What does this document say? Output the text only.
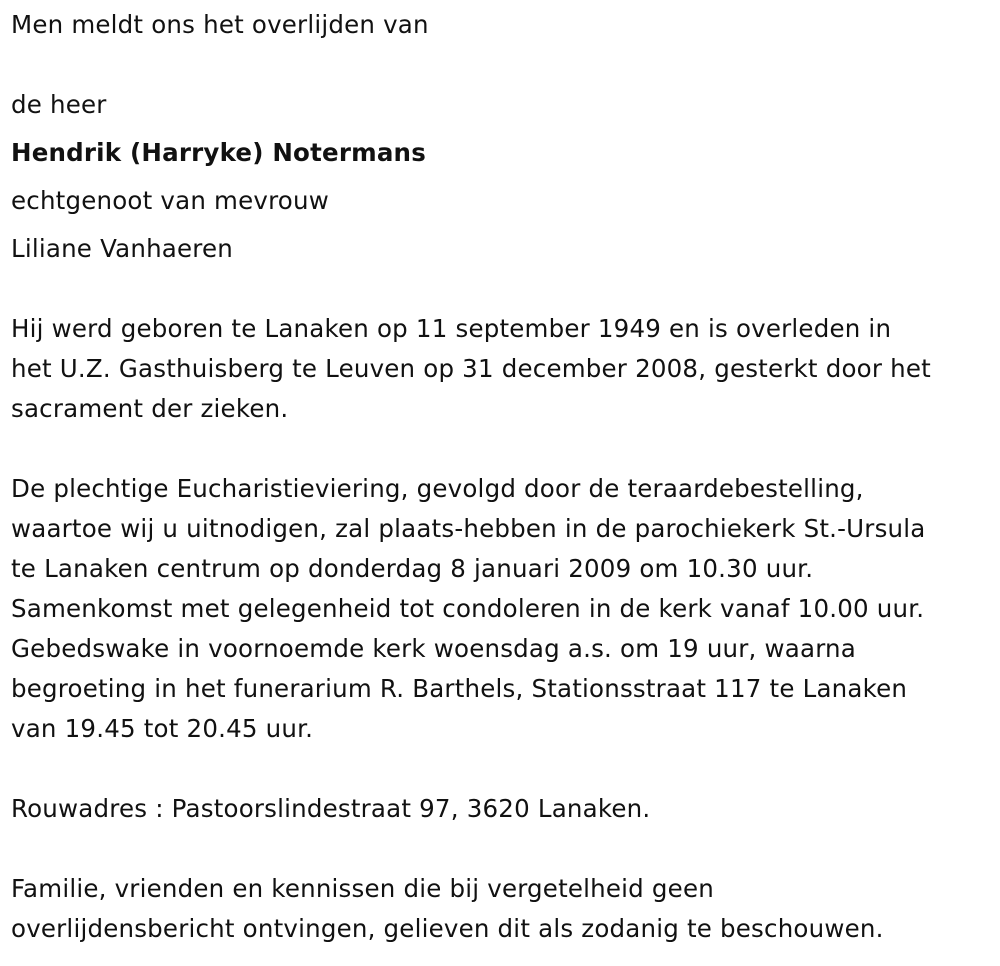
Men meldt ons het overlijden van
de heer
Hendrik (Harryke) Notermans
echtgenoot van mevrouw
Liliane Vanhaeren
Hij werd geboren te Lanaken op 11 september 1949 en is overleden in
het U.Z. Gasthuisberg te Leuven op 31 december 2008, gesterkt door het
sacrament der zieken.
De plechtige Eucharistieviering, gevolgd door de teraardebestelling,
waartoe wij u uitnodigen, zal plaats-hebben in de parochiekerk St.-Ursula
te Lanaken centrum op donderdag 8 januari 2009 om 10.30 uur.
Samenkomst met gelegenheid tot condoleren in de kerk vanaf 10.00 uur.
Gebedswake in voornoemde kerk woensdag a.s. om 19 uur, waarna
begroeting in het funerarium R. Barthels, Stationsstraat 117 te Lanaken
van 19.45 tot 20.45 uur.
Rouwadres : Pastoorslindestraat 97, 3620 Lanaken.
Familie, vrienden en kennissen die bij vergetelheid geen
overlijdensbericht ontvingen, gelieven dit als zodanig te beschouwen.
